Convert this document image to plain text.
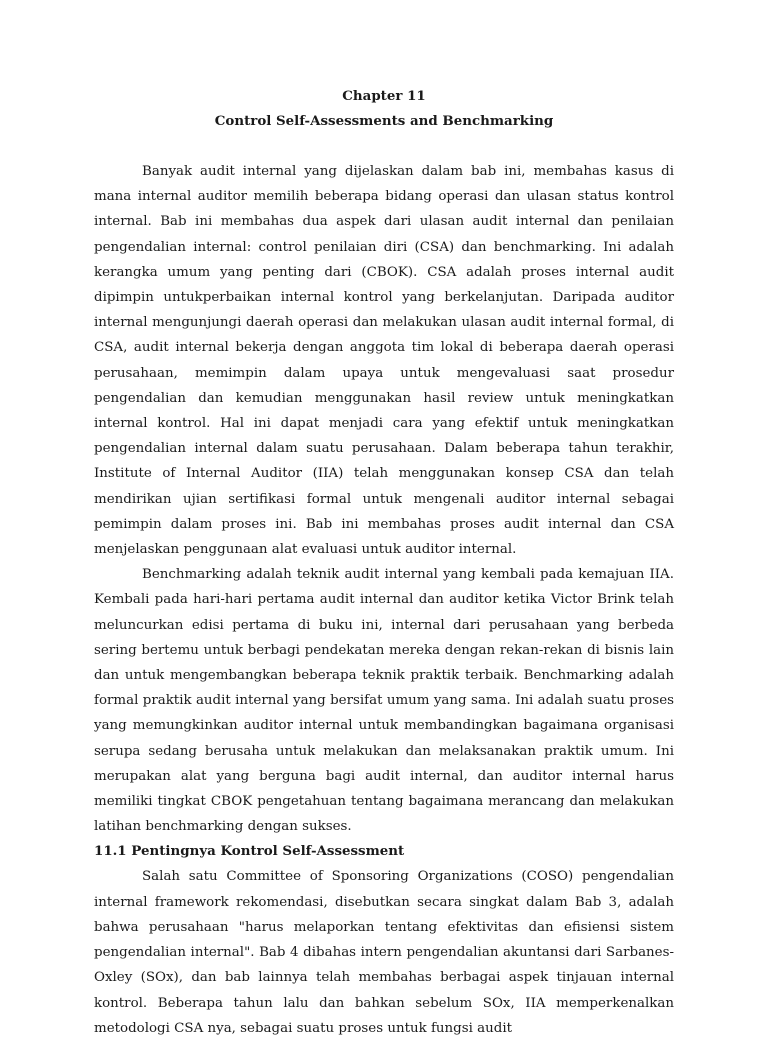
Chapter 11

Control Self-Assessments and Benchmarking

Banyak audit internal yang dijelaskan dalam bab ini, membahas kasus di mana internal auditor memilih beberapa bidang operasi dan ulasan status kontrol internal. Bab ini membahas dua aspek dari ulasan audit internal dan penilaian pengendalian internal: control penilaian diri (CSA) dan benchmarking. Ini adalah kerangka umum yang penting dari (CBOK). CSA adalah proses internal audit dipimpin untukperbaikan internal kontrol yang berkelanjutan. Daripada auditor internal mengunjungi daerah operasi dan melakukan ulasan audit internal formal, di CSA, audit internal bekerja dengan anggota tim lokal di beberapa daerah operasi perusahaan, memimpin dalam upaya untuk mengevaluasi saat prosedur pengendalian dan kemudian menggunakan hasil review untuk meningkatkan internal kontrol. Hal ini dapat menjadi cara yang efektif untuk meningkatkan pengendalian internal dalam suatu perusahaan. Dalam beberapa tahun terakhir, Institute of Internal Auditor (IIA) telah menggunakan konsep CSA dan telah mendirikan ujian sertifikasi formal untuk mengenali auditor internal sebagai pemimpin dalam proses ini. Bab ini membahas proses audit internal dan CSA menjelaskan penggunaan alat evaluasi untuk auditor internal.

Benchmarking adalah teknik audit internal yang kembali pada kemajuan IIA. Kembali pada hari-hari pertama audit internal dan auditor ketika Victor Brink telah meluncurkan edisi pertama di buku ini, internal dari perusahaan yang berbeda sering bertemu untuk berbagi pendekatan mereka dengan rekan-rekan di bisnis lain dan untuk mengembangkan beberapa teknik praktik terbaik. Benchmarking adalah formal praktik audit internal yang bersifat umum yang sama. Ini adalah suatu proses yang memungkinkan auditor internal untuk membandingkan bagaimana organisasi serupa sedang berusaha untuk melakukan dan melaksanakan praktik umum. Ini merupakan alat yang berguna bagi audit internal, dan auditor internal harus memiliki tingkat CBOK pengetahuan tentang bagaimana merancang dan melakukan latihan benchmarking dengan sukses.

11.1 Pentingnya Kontrol Self-Assessment

Salah satu Committee of Sponsoring Organizations (COSO) pengendalian internal framework rekomendasi, disebutkan secara singkat dalam Bab 3, adalah bahwa perusahaan "harus melaporkan tentang efektivitas dan efisiensi sistem pengendalian internal". Bab 4 dibahas intern pengendalian akuntansi dari Sarbanes-Oxley (SOx), dan bab lainnya telah membahas berbagai aspek tinjauan internal kontrol. Beberapa tahun lalu dan bahkan sebelum SOx, IIA memperkenalkan metodologi CSA nya, sebagai suatu proses untuk fungsi audit
